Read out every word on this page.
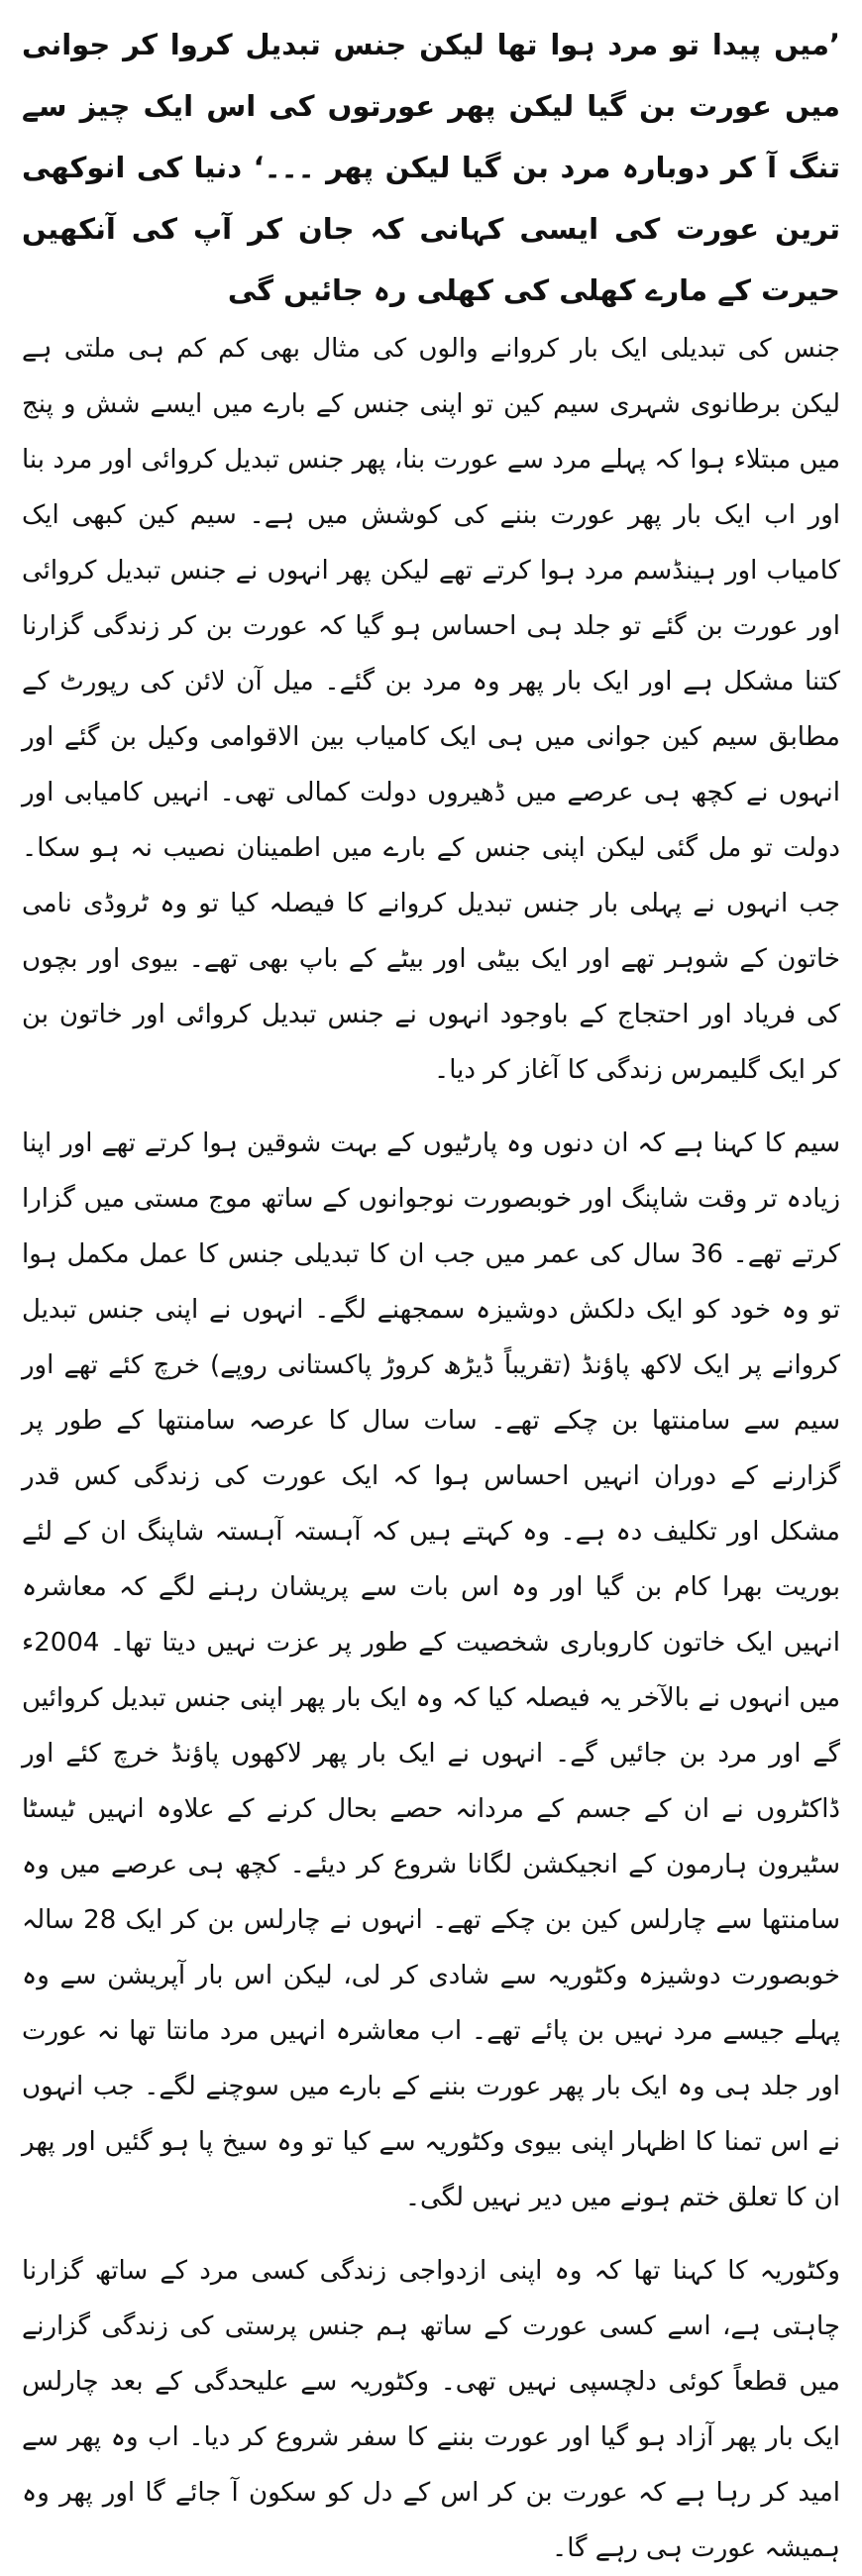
’میں پیدا تو مرد ہوا تھا لیکن جنس تبدیل کروا کر جوانی میں عورت بن گیا لیکن پھر عورتوں کی اس ایک چیز سے تنگ آ کر دوبارہ مرد بن گیا لیکن پھر ۔۔۔‘ دنیا کی انوکھی ترین عورت کی ایسی کہانی کہ جان کر آپ کی آنکھیں حیرت کے مارے کھلی کی کھلی رہ جائیں گی

جنس کی تبدیلی ایک بار کروانے والوں کی مثال بھی کم کم ہی ملتی ہے لیکن برطانوی شہری سیم کین تو اپنی جنس کے بارے میں ایسے شش و پنج میں مبتلاء ہوا کہ پہلے مرد سے عورت بنا، پھر جنس تبدیل کروائی اور مرد بنا اور اب ایک بار پھر عورت بننے کی کوشش میں ہے۔ سیم کین کبھی ایک کامیاب اور ہینڈسم مرد ہوا کرتے تھے لیکن پھر انہوں نے جنس تبدیل کروائی اور عورت بن گئے تو جلد ہی احساس ہو گیا کہ عورت بن کر زندگی گزارنا کتنا مشکل ہے اور ایک بار پھر وہ مرد بن گئے۔ میل آن لائن کی رپورٹ کے مطابق سیم کین جوانی میں ہی ایک کامیاب بین الاقوامی وکیل بن گئے اور انہوں نے کچھ ہی عرصے میں ڈھیروں دولت کمالی تھی۔ انہیں کامیابی اور دولت تو مل گئی لیکن اپنی جنس کے بارے میں اطمینان نصیب نہ ہو سکا۔ جب انہوں نے پہلی بار جنس تبدیل کروانے کا فیصلہ کیا تو وہ ٹروڈی نامی خاتون کے شوہر تھے اور ایک بیٹی اور بیٹے کے باپ بھی تھے۔ بیوی اور بچوں کی فریاد اور احتجاج کے باوجود انہوں نے جنس تبدیل کروائی اور خاتون بن کر ایک گلیمرس زندگی کا آغاز کر دیا۔

سیم کا کہنا ہے کہ ان دنوں وہ پارٹیوں کے بہت شوقین ہوا کرتے تھے اور اپنا زیادہ تر وقت شاپنگ اور خوبصورت نوجوانوں کے ساتھ موج مستی میں گزارا کرتے تھے۔ 36 سال کی عمر میں جب ان کا تبدیلی جنس کا عمل مکمل ہوا تو وہ خود کو ایک دلکش دوشیزہ سمجھنے لگے۔ انہوں نے اپنی جنس تبدیل کروانے پر ایک لاکھ پاؤنڈ (تقریباً ڈیڑھ کروڑ پاکستانی روپے) خرچ کئے تھے اور سیم سے سامنتھا بن چکے تھے۔ سات سال کا عرصہ سامنتھا کے طور پر گزارنے کے دوران انہیں احساس ہوا کہ ایک عورت کی زندگی کس قدر مشکل اور تکلیف دہ ہے۔ وہ کہتے ہیں کہ آہستہ آہستہ شاپنگ ان کے لئے بوریت بھرا کام بن گیا اور وہ اس بات سے پریشان رہنے لگے کہ معاشرہ انہیں ایک خاتون کاروباری شخصیت کے طور پر عزت نہیں دیتا تھا۔ 2004ء میں انہوں نے بالآخر یہ فیصلہ کیا کہ وہ ایک بار پھر اپنی جنس تبدیل کروائیں گے اور مرد بن جائیں گے۔ انہوں نے ایک بار پھر لاکھوں پاؤنڈ خرچ کئے اور ڈاکٹروں نے ان کے جسم کے مردانہ حصے بحال کرنے کے علاوہ انہیں ٹیسٹا سٹیرون ہارمون کے انجیکشن لگانا شروع کر دیئے۔ کچھ ہی عرصے میں وہ سامنتھا سے چارلس کین بن چکے تھے۔ انہوں نے چارلس بن کر ایک 28 سالہ خوبصورت دوشیزہ وکٹوریہ سے شادی کر لی، لیکن اس بار آپریشن سے وہ پہلے جیسے مرد نہیں بن پائے تھے۔ اب معاشرہ انہیں مرد مانتا تھا نہ عورت اور جلد ہی وہ ایک بار پھر عورت بننے کے بارے میں سوچنے لگے۔ جب انہوں نے اس تمنا کا اظہار اپنی بیوی وکٹوریہ سے کیا تو وہ سیخ پا ہو گئیں اور پھر ان کا تعلق ختم ہونے میں دیر نہیں لگی۔

وکٹوریہ کا کہنا تھا کہ وہ اپنی ازدواجی زندگی کسی مرد کے ساتھ گزارنا چاہتی ہے، اسے کسی عورت کے ساتھ ہم جنس پرستی کی زندگی گزارنے میں قطعاً کوئی دلچسپی نہیں تھی۔ وکٹوریہ سے علیحدگی کے بعد چارلس ایک بار پھر آزاد ہو گیا اور عورت بننے کا سفر شروع کر دیا۔ اب وہ پھر سے امید کر رہا ہے کہ عورت بن کر اس کے دل کو سکون آ جائے گا اور پھر وہ ہمیشہ عورت ہی رہے گا۔
